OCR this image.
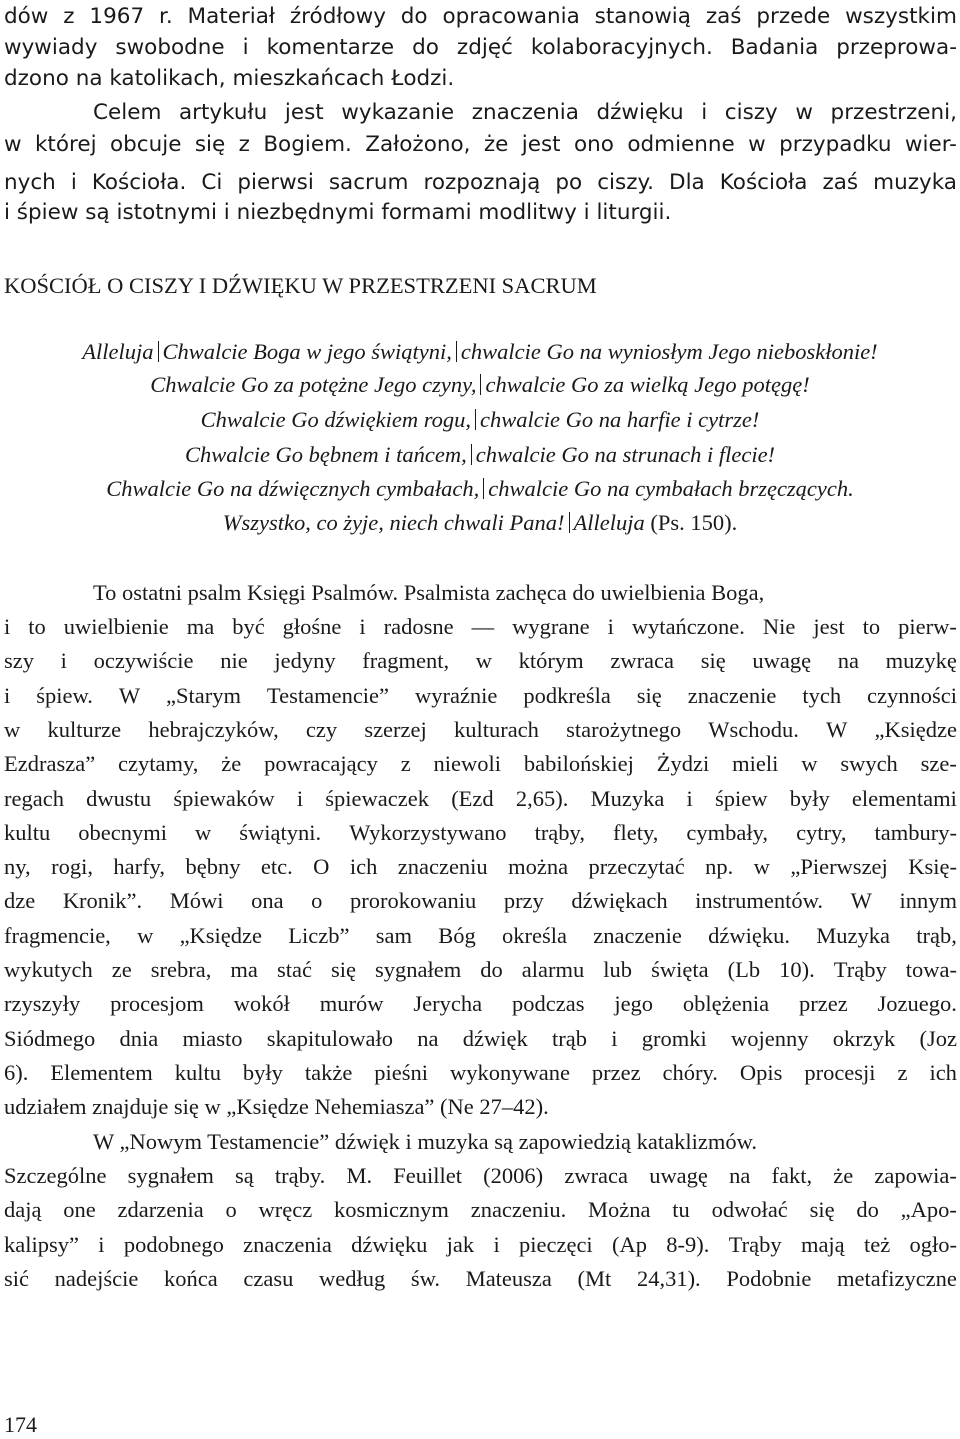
dów z 1967 r. Materiał źródłowy do opracowania stanowią zaś przede wszystkim
wywiady swobodne i komentarze do zdjęć kolaboracyjnych. Badania przeprowa-
dzono na katolikach, mieszkańcach Łodzi.
Celem artykułu jest wykazanie znaczenia dźwięku i ciszy w przestrzeni,
w której obcuje się z Bogiem. Założono, że jest ono odmienne w przypadku wier-
nych i Kościoła. Ci pierwsi sacrum rozpoznają po ciszy. Dla Kościoła zaś muzyka
i śpiew są istotnymi i niezbędnymi formami modlitwy i liturgii.
KOŚCIÓŁ O CISZY I DŹWIĘKU W PRZESTRZENI SACRUM
Alleluja Chwalcie Boga w jego świątyni, chwalcie Go na wyniosłym Jego nieboskłonie!
Chwalcie Go za potężne Jego czyny, chwalcie Go za wielką Jego potęgę!
Chwalcie Go dźwiękiem rogu, chwalcie Go na harfie i cytrze!
Chwalcie Go bębnem i tańcem, chwalcie Go na strunach i flecie!
Chwalcie Go na dźwięcznych cymbałach, chwalcie Go na cymbałach brzęczących.
Wszystko, co żyje, niech chwali Pana! Alleluja (Ps. 150).
To ostatni psalm Księgi Psalmów. Psalmista zachęca do uwielbienia Boga,
i to uwielbienie ma być głośne i radosne — wygrane i wytańczone. Nie jest to pierw-
szy i oczywiście nie jedyny fragment, w którym zwraca się uwagę na muzykę
i śpiew. W „Starym Testamencie” wyraźnie podkreśla się znaczenie tych czynności
w kulturze hebrajczyków, czy szerzej kulturach starożytnego Wschodu. W „Księdze
Ezdrasza” czytamy, że powracający z niewoli babilońskiej Żydzi mieli w swych sze-
regach dwustu śpiewaków i śpiewaczek (Ezd 2,65). Muzyka i śpiew były elementami
kultu obecnymi w świątyni. Wykorzystywano trąby, flety, cymbały, cytry, tambury-
ny, rogi, harfy, bębny etc. O ich znaczeniu można przeczytać np. w „Pierwszej Księ-
dze Kronik”. Mówi ona o prorokowaniu przy dźwiękach instrumentów. W innym
fragmencie, w „Księdze Liczb” sam Bóg określa znaczenie dźwięku. Muzyka trąb,
wykutych ze srebra, ma stać się sygnałem do alarmu lub święta (Lb 10). Trąby towa-
rzyszyły procesjom wokół murów Jerycha podczas jego oblężenia przez Jozuego.
Siódmego dnia miasto skapitulowało na dźwięk trąb i gromki wojenny okrzyk (Joz
6). Elementem kultu były także pieśni wykonywane przez chóry. Opis procesji z ich
udziałem znajduje się w „Księdze Nehemiasza” (Ne 27–42).
W „Nowym Testamencie” dźwięk i muzyka są zapowiedzią kataklizmów.
Szczególne sygnałem są trąby. M. Feuillet (2006) zwraca uwagę na fakt, że zapowia-
dają one zdarzenia o wręcz kosmicznym znaczeniu. Można tu odwołać się do „Apo-
kalipsy” i podobnego znaczenia dźwięku jak i pieczęci (Ap 8-9). Trąby mają też ogło-
sić nadejście końca czasu według św. Mateusza (Mt 24,31). Podobnie metafizyczne
174
